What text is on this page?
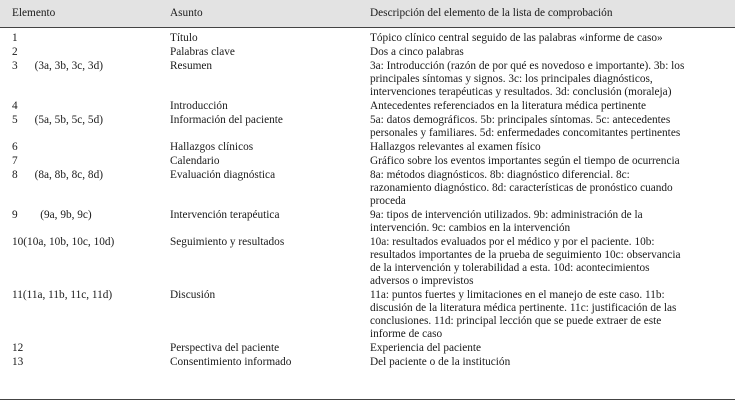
Elemento	Asunto	Descripción del elemento de la lista de comprobación
1	Título	Tópico clínico central seguido de las palabras «informe de caso»
2	Palabras clave	Dos a cinco palabras
3      (3a, 3b, 3c, 3d)	Resumen	3a: Introducción (razón de por qué es novedoso e importante). 3b: los
principales síntomas y signos. 3c: los principales diagnósticos,
intervenciones terapéuticas y resultados. 3d: conclusión (moraleja)
4	Introducción	Antecedentes referenciados en la literatura médica pertinente
5      (5a, 5b, 5c, 5d)	Información del paciente	5a: datos demográficos. 5b: principales síntomas. 5c: antecedentes
personales y familiares. 5d: enfermedades concomitantes pertinentes
6	Hallazgos clínicos	Hallazgos relevantes al examen físico
7	Calendario	Gráfico sobre los eventos importantes según el tiempo de ocurrencia
8      (8a, 8b, 8c, 8d)	Evaluación diagnóstica	8a: métodos diagnósticos. 8b: diagnóstico diferencial. 8c:
razonamiento diagnóstico. 8d: características de pronóstico cuando
proceda
9        (9a, 9b, 9c)	Intervención terapéutica	9a: tipos de intervención utilizados. 9b: administración de la
intervención. 9c: cambios en la intervención
10(10a, 10b, 10c, 10d)	Seguimiento y resultados	10a: resultados evaluados por el médico y por el paciente. 10b:
resultados importantes de la prueba de seguimiento 10c: observancia
de la intervención y tolerabilidad a esta. 10d: acontecimientos
adversos o imprevistos
11(11a, 11b, 11c, 11d)	Discusión	11a: puntos fuertes y limitaciones en el manejo de este caso. 11b:
discusión de la literatura médica pertinente. 11c: justificación de las
conclusiones. 11d: principal lección que se puede extraer de este
informe de caso
12	Perspectiva del paciente	Experiencia del paciente
13	Consentimiento informado	Del paciente o de la institución
